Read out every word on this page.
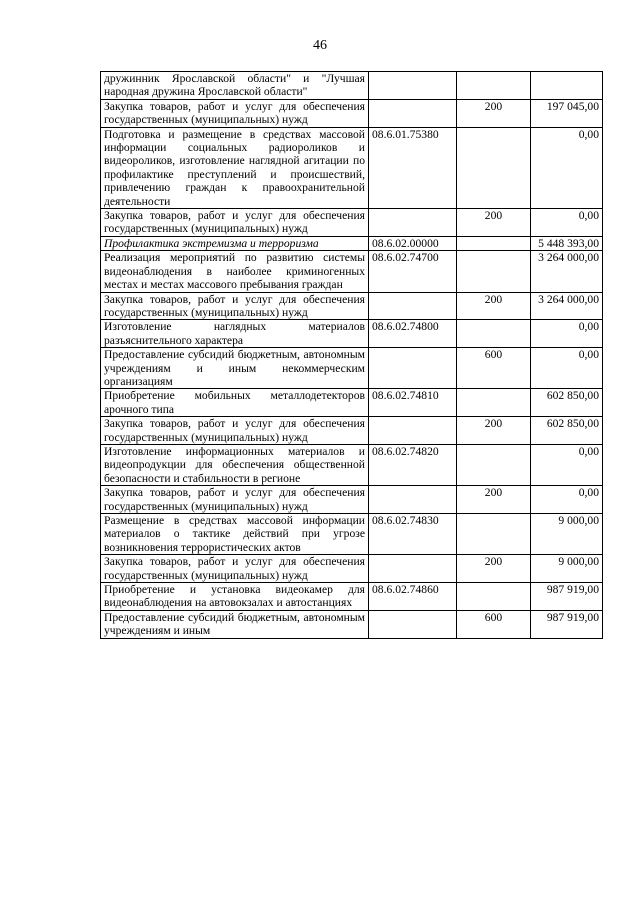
46
дружинник Ярославской области" и "Лучшая народная дружина Ярославской области"			
Закупка товаров, работ и услуг для обеспечения государственных (муниципальных) нужд		200	197 045,00
Подготовка и размещение в средствах массовой информации социальных радиороликов и видеороликов, изготовление наглядной агитации по профилактике преступлений и происшествий, привлечению граждан к правоохранительной деятельности	08.6.01.75380		0,00
Закупка товаров, работ и услуг для обеспечения государственных (муниципальных) нужд		200	0,00
Профилактика экстремизма и терроризма	08.6.02.00000		5 448 393,00
Реализация мероприятий по развитию системы видеонаблюдения в наиболее криминогенных местах и местах массового пребывания граждан	08.6.02.74700		3 264 000,00
Закупка товаров, работ и услуг для обеспечения государственных (муниципальных) нужд		200	3 264 000,00
Изготовление наглядных материалов разъяснительного характера	08.6.02.74800		0,00
Предоставление субсидий бюджетным, автономным учреждениям и иным некоммерческим организациям		600	0,00
Приобретение мобильных металлодетекторов арочного типа	08.6.02.74810		602 850,00
Закупка товаров, работ и услуг для обеспечения государственных (муниципальных) нужд		200	602 850,00
Изготовление информационных материалов и видеопродукции для обеспечения общественной безопасности и стабильности в регионе	08.6.02.74820		0,00
Закупка товаров, работ и услуг для обеспечения государственных (муниципальных) нужд		200	0,00
Размещение в средствах массовой информации материалов о тактике действий при угрозе возникновения террористических актов	08.6.02.74830		9 000,00
Закупка товаров, работ и услуг для обеспечения государственных (муниципальных) нужд		200	9 000,00
Приобретение и установка видеокамер для видеонаблюдения на автовокзалах и автостанциях	08.6.02.74860		987 919,00
Предоставление субсидий бюджетным, автономным учреждениям и иным		600	987 919,00
